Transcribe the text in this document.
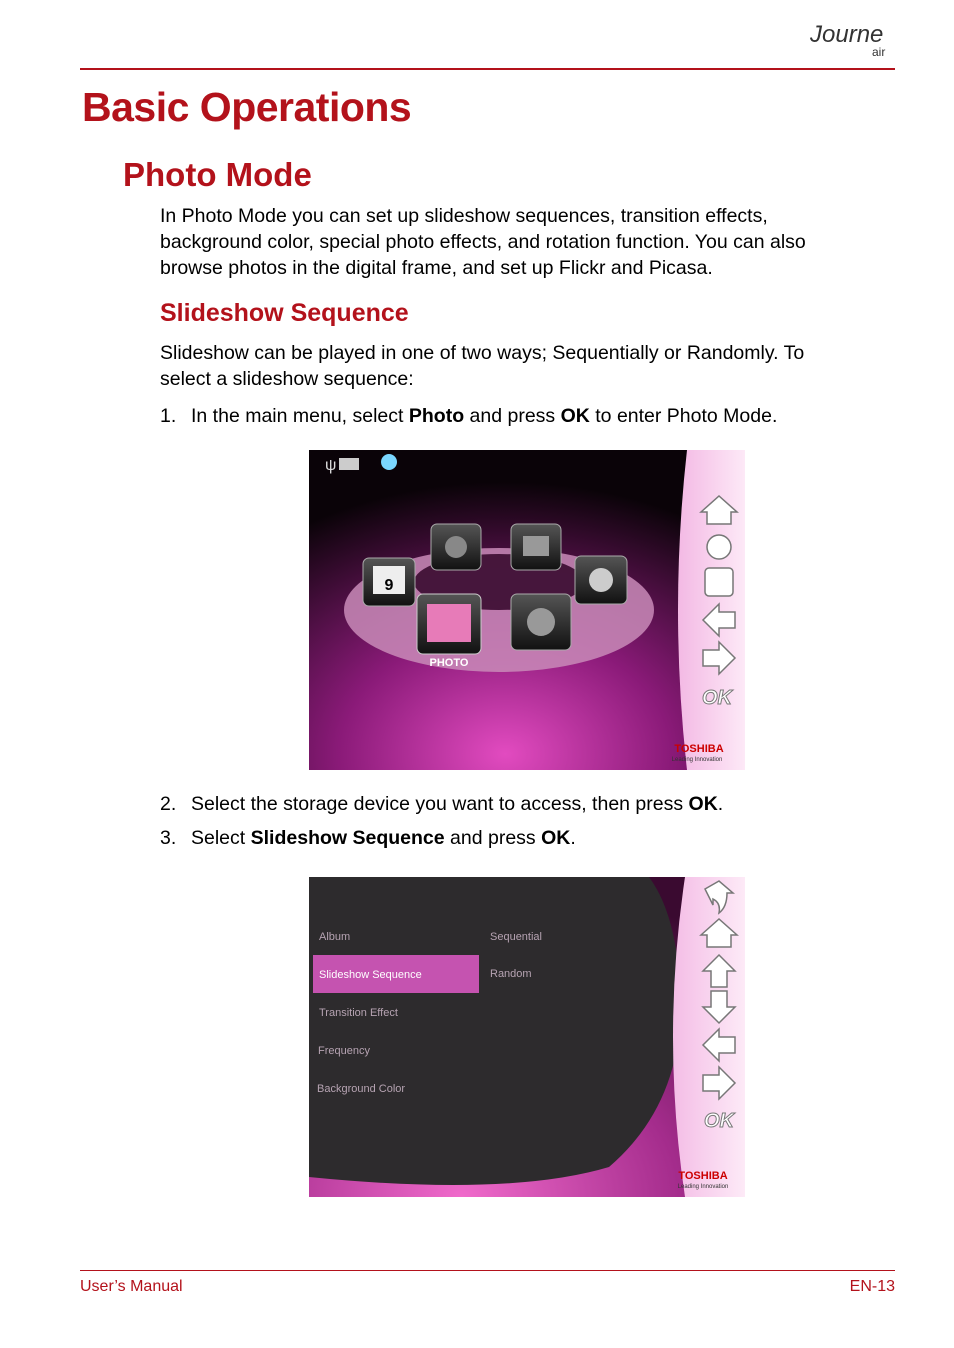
Journe
air
Basic Operations
Photo Mode

In Photo Mode you can set up slideshow sequences, transition effects,

background color, special photo effects, and rotation function. You can also

browse photos in the digital frame, and set up Flickr and Picasa.

Slideshow Sequence

Slideshow can be played in one of two ways; Sequentially or Randomly. To

select a slideshow sequence:

1. In the main menu, select Photo and press OK to enter Photo Mode.

ψ
9
PHOTO
OK
TOSHIBA
Leading Innovation

2. Select the storage device you want to access, then press OK.

3. Select Slideshow Sequence and press OK.

Album
Slideshow Sequence
Transition Effect
Frequency
Background Color
Sequential
Random
OK
TOSHIBA
Leading Innovation
User’s Manual	EN-13
